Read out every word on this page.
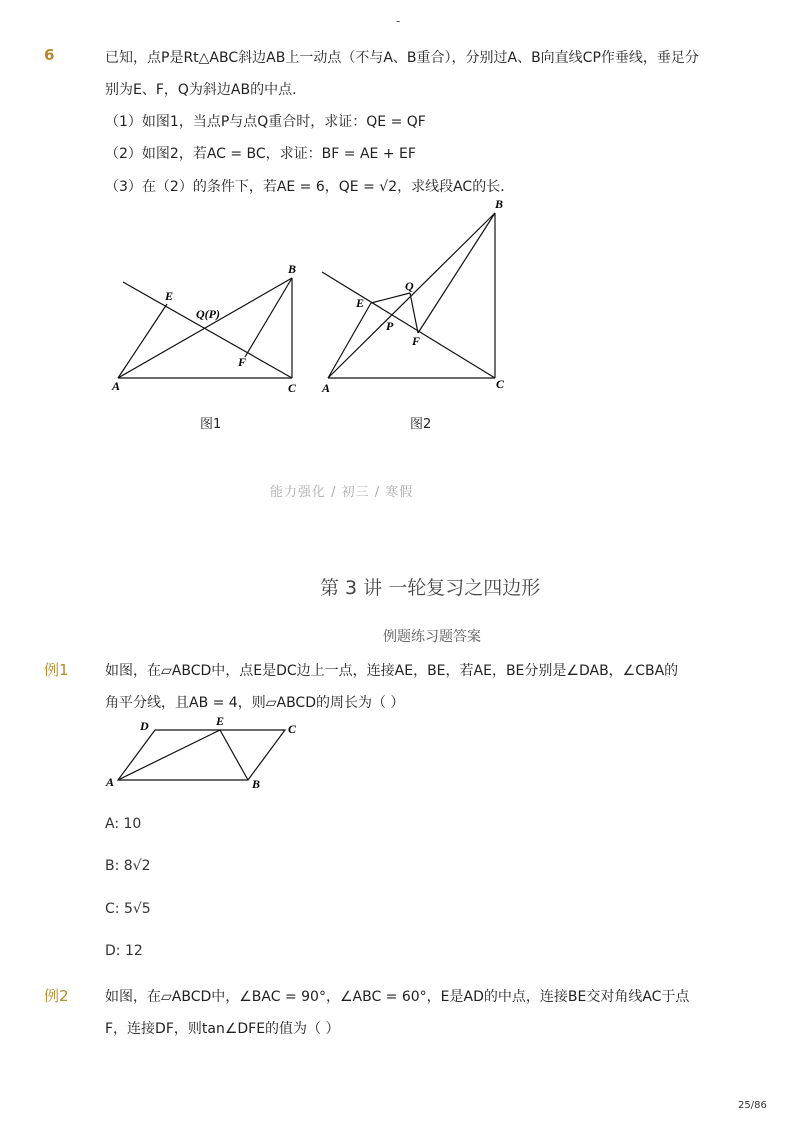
-
6	已知，点P是Rt△ABC斜边AB上一动点（不与A、B重合），分别过A、B向直线CP作垂线，垂足分
别为E、F，Q为斜边AB的中点．
（1）如图1，当点P与点Q重合时，求证：QE = QF
（2）如图2，若AC = BC，求证：BF = AE + EF
（3）在（2）的条件下，若AE = 6，QE = √2，求线段AC的长．
A
B
C
E
F
Q(P)
A
B
C
E
F
Q
P
图1	图2
能力强化 / 初三 / 寒假
第 3 讲 一轮复习之四边形
例题练习题答案
例1	如图，在▱ABCD中，点E是DC边上一点，连接AE，BE，若AE，BE分别是∠DAB，∠CBA的
角平分线，且AB = 4，则▱ABCD的周长为（ ）
A	B
C
D	E
A: 10
B: 8√2
C: 5√5
D: 12
例2	如图，在▱ABCD中，∠BAC = 90°，∠ABC = 60°，E是AD的中点，连接BE交对角线AC于点
F，连接DF，则tan∠DFE的值为（ ）
25/86
